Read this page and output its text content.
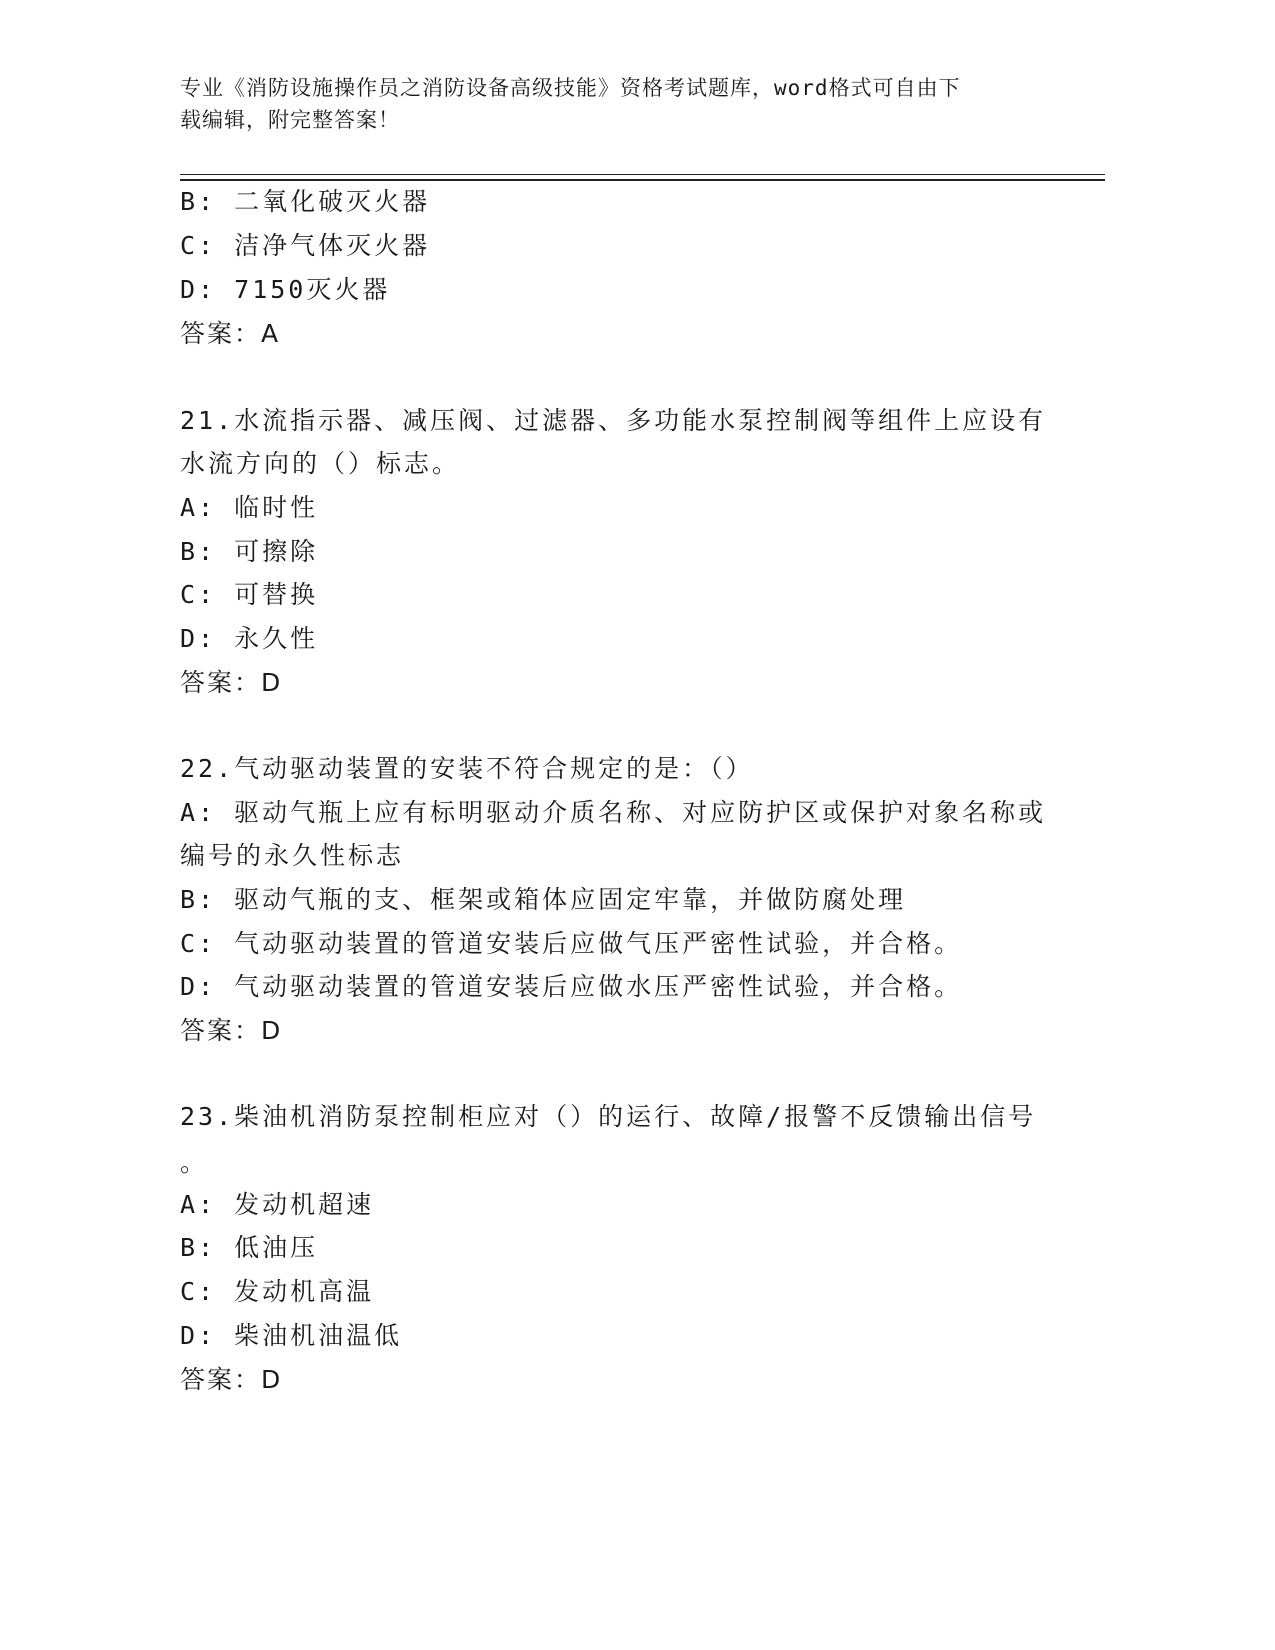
专业《消防设施操作员之消防设备高级技能》资格考试题库，word格式可自由下
载编辑，附完整答案！
B: 二氧化破灭火器
C: 洁净气体灭火器
D: 7150灭火器
答案：A
21.水流指示器、减压阀、过滤器、多功能水泵控制阀等组件上应设有
水流方向的（）标志。
A: 临时性
B: 可擦除
C: 可替换
D: 永久性
答案：D
22.气动驱动装置的安装不符合规定的是：（）
A: 驱动气瓶上应有标明驱动介质名称、对应防护区或保护对象名称或
编号的永久性标志
B: 驱动气瓶的支、框架或箱体应固定牢靠，并做防腐处理
C: 气动驱动装置的管道安装后应做气压严密性试验，并合格。
D: 气动驱动装置的管道安装后应做水压严密性试验，并合格。
答案：D
23.柴油机消防泵控制柜应对（）的运行、故障/报警不反馈输出信号
。
A: 发动机超速
B: 低油压
C: 发动机高温
D: 柴油机油温低
答案：D
